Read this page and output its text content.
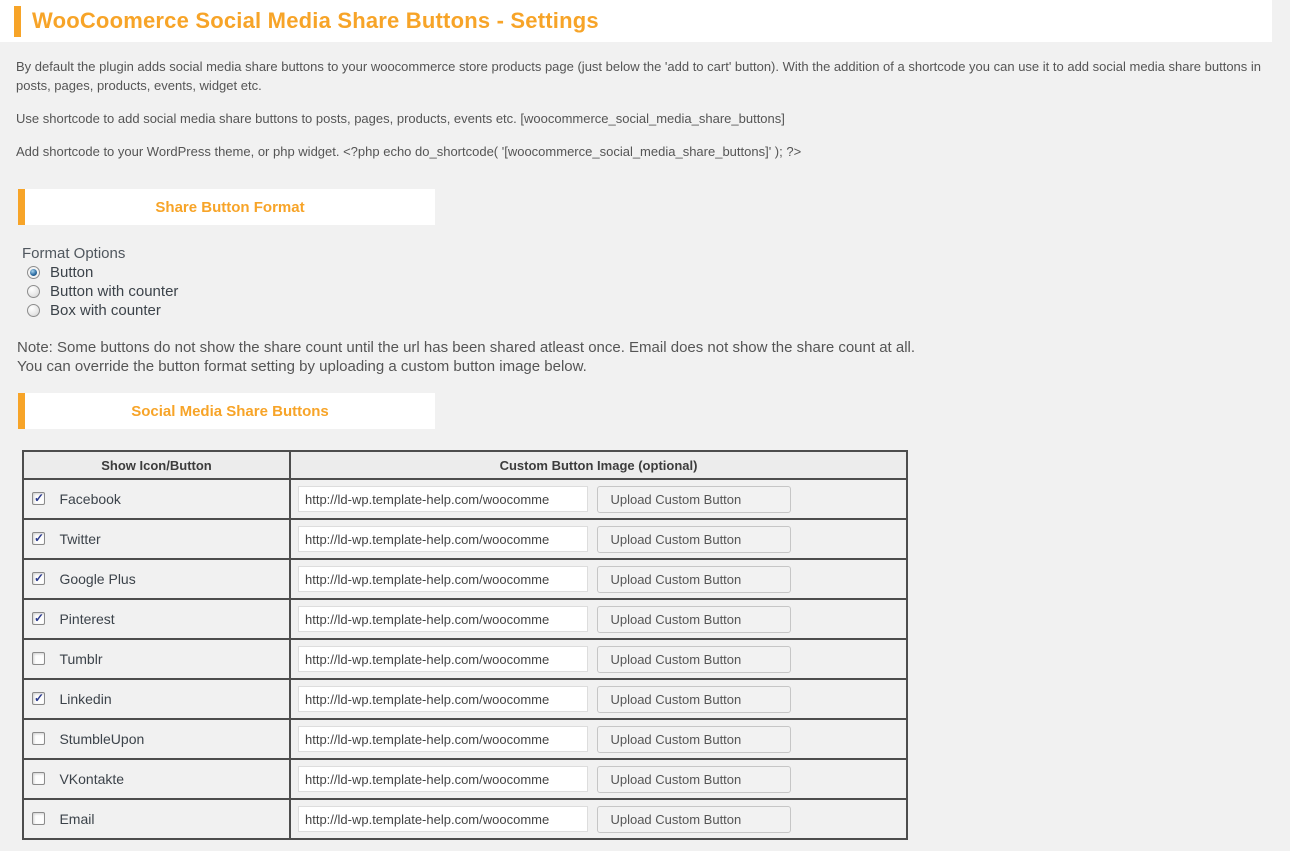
WooCoomerce Social Media Share Buttons - Settings

By default the plugin adds social media share buttons to your woocommerce store products page (just below the 'add to cart' button). With the addition of a shortcode you can use it to add social media share buttons in posts, pages, products, events, widget etc.

Use shortcode to add social media share buttons to posts, pages, products, events etc. [woocommerce_social_media_share_buttons]

Add shortcode to your WordPress theme, or php widget. <?php echo do_shortcode( '[woocommerce_social_media_share_buttons]' ); ?>

Share Button Format
Format Options
Button
Button with counter
Box with counter
Note: Some buttons do not show the share count until the url has been shared atleast once. Email does not show the share count at all.
You can override the button format setting by uploading a custom button image below.
Social Media Share Buttons
Show Icon/Button	Custom Button Image (optional)
✓ Facebook	http://ld-wp.template-help.com/woocommeUpload Custom Button
✓ Twitter	http://ld-wp.template-help.com/woocommeUpload Custom Button
✓ Google Plus	http://ld-wp.template-help.com/woocommeUpload Custom Button
✓ Pinterest	http://ld-wp.template-help.com/woocommeUpload Custom Button
Tumblr	http://ld-wp.template-help.com/woocommeUpload Custom Button
✓ Linkedin	http://ld-wp.template-help.com/woocommeUpload Custom Button
StumbleUpon	http://ld-wp.template-help.com/woocommeUpload Custom Button
VKontakte	http://ld-wp.template-help.com/woocommeUpload Custom Button
Email	http://ld-wp.template-help.com/woocommeUpload Custom Button
